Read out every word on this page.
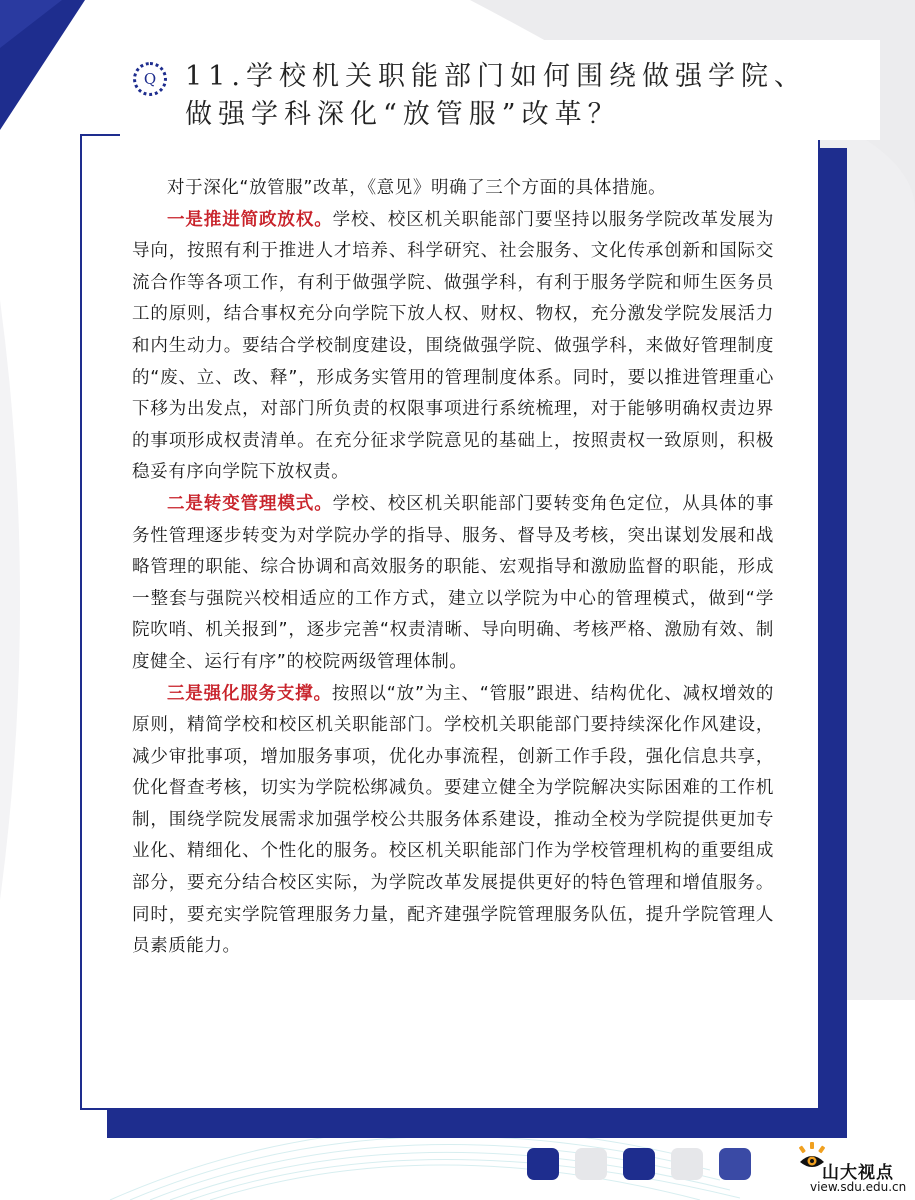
Q	11.学校机关职能部门如何围绕做强学院、
做强学科深化“放管服”改革？

对于深化“放管服”改革，《意见》明确了三个方面的具体措施。

一是推进简政放权。学校、校区机关职能部门要坚持以服务学院改革发展为导向，按照有利于推进人才培养、科学研究、社会服务、文化传承创新和国际交流合作等各项工作，有利于做强学院、做强学科，有利于服务学院和师生医务员工的原则，结合事权充分向学院下放人权、财权、物权，充分激发学院发展活力和内生动力。要结合学校制度建设，围绕做强学院、做强学科，来做好管理制度的“废、立、改、释”，形成务实管用的管理制度体系。同时，要以推进管理重心下移为出发点，对部门所负责的权限事项进行系统梳理，对于能够明确权责边界的事项形成权责清单。在充分征求学院意见的基础上，按照责权一致原则，积极稳妥有序向学院下放权责。

二是转变管理模式。学校、校区机关职能部门要转变角色定位，从具体的事务性管理逐步转变为对学院办学的指导、服务、督导及考核，突出谋划发展和战略管理的职能、综合协调和高效服务的职能、宏观指导和激励监督的职能，形成一整套与强院兴校相适应的工作方式，建立以学院为中心的管理模式，做到“学院吹哨、机关报到”，逐步完善“权责清晰、导向明确、考核严格、激励有效、制度健全、运行有序”的校院两级管理体制。

三是强化服务支撑。按照以“放”为主、“管服”跟进、结构优化、减权增效的原则，精简学校和校区机关职能部门。学校机关职能部门要持续深化作风建设，减少审批事项，增加服务事项，优化办事流程，创新工作手段，强化信息共享，优化督查考核，切实为学院松绑减负。要建立健全为学院解决实际困难的工作机制，围绕学院发展需求加强学校公共服务体系建设，推动全校为学院提供更加专业化、精细化、个性化的服务。校区机关职能部门作为学校管理机构的重要组成部分，要充分结合校区实际，为学院改革发展提供更好的特色管理和增值服务。同时，要充实学院管理服务力量，配齐建强学院管理服务队伍，提升学院管理人员素质能力。

山大视点
view.sdu.edu.cn
